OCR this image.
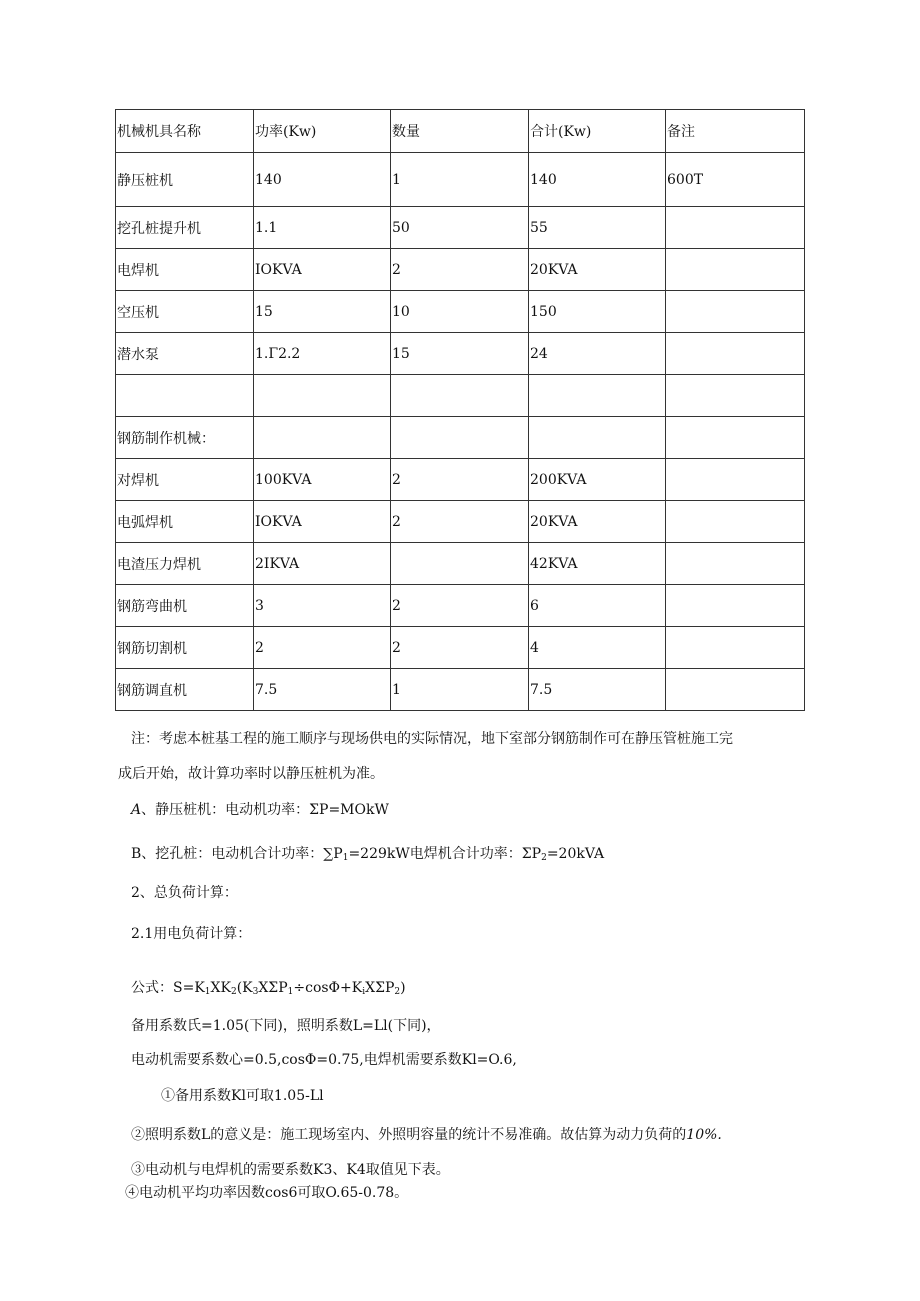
机械机具名称	功率(Kw)	数量	合计(Kw)	备注
静压桩机	140	1	140	600T
挖孔桩提升机	1.1	50	55	
电焊机	IOKVA	2	20KVA	
空压机	15	10	150	
潜水泵	1.Γ2.2	15	24	

钢筋制作机械：				
对焊机	100KVA	2	200KVA	
电弧焊机	IOKVA	2	20KVA	
电渣压力焊机	2IKVA		42KVA	
钢筋弯曲机	3	2	6	
钢筋切割机	2	2	4	
钢筋调直机	7.5	1	7.5	

注：考虑本桩基工程的施工顺序与现场供电的实际情况，地下室部分钢筋制作可在静压管桩施工完

成后开始，故计算功率时以静压桩机为准。

A、静压桩机：电动机功率：ΣP=MOkW

B、挖孔桩：电动机合计功率：$\sum P_1=229kW$电焊机合计功率：$\Sigma P_2=20kVA$

2、总负荷计算：

2.1用电负荷计算：

公式：$S=K_1XK_2(K_3X\Sigma P_1\div\cos\Phi+K_iX\Sigma P_2)$

备用系数氏=1.05(下同)，照明系数L=Ll(下同)，

电动机需要系数心=0.5,cosΦ=0.75,电焊机需要系数Kl=O.6,

①备用系数Kl可取1.05-Ll

②照明系数L的意义是：施工现场室内、外照明容量的统计不易准确。故估算为动力负荷的10%.

③电动机与电焊机的需要系数K3、K4取值见下表。

④电动机平均功率因数cos6可取O.65-0.78。
